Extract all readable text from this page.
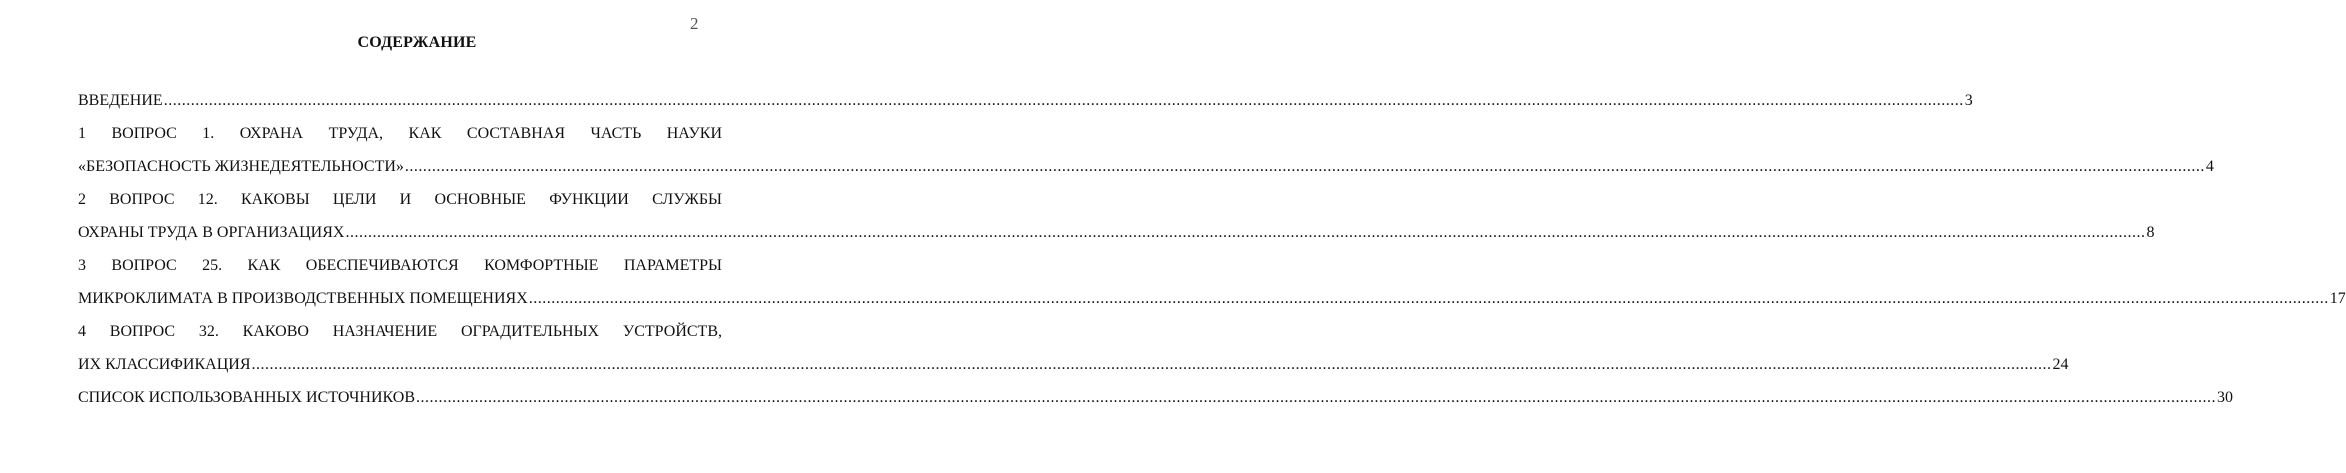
2
СОДЕРЖАНИЕ
ВВЕДЕНИЕ ................................................................................................................................................................................................................................................................................................................................................................................................................ 3
1 ВОПРОС 1. ОХРАНА ТРУДА, КАК СОСТАВНАЯ ЧАСТЬ НАУКИ
«БЕЗОПАСНОСТЬ ЖИЗНЕДЕЯТЕЛЬНОСТИ» ................................................................................................................................................................................................................................................................................................................................................................................................................ 4
2 ВОПРОС 12. КАКОВЫ ЦЕЛИ И ОСНОВНЫЕ ФУНКЦИИ СЛУЖБЫ
ОХРАНЫ ТРУДА В ОРГАНИЗАЦИЯХ ................................................................................................................................................................................................................................................................................................................................................................................................................ 8
3 ВОПРОС 25. КАК ОБЕСПЕЧИВАЮТСЯ КОМФОРТНЫЕ ПАРАМЕТРЫ
МИКРОКЛИМАТА В ПРОИЗВОДСТВЕННЫХ ПОМЕЩЕНИЯХ ................................................................................................................................................................................................................................................................................................................................................................................................................ 17
4 ВОПРОС 32. КАКОВО НАЗНАЧЕНИЕ ОГРАДИТЕЛЬНЫХ УСТРОЙСТВ,
ИХ КЛАССИФИКАЦИЯ ................................................................................................................................................................................................................................................................................................................................................................................................................ 24
СПИСОК ИСПОЛЬЗОВАННЫХ ИСТОЧНИКОВ ................................................................................................................................................................................................................................................................................................................................................................................................................ 30
